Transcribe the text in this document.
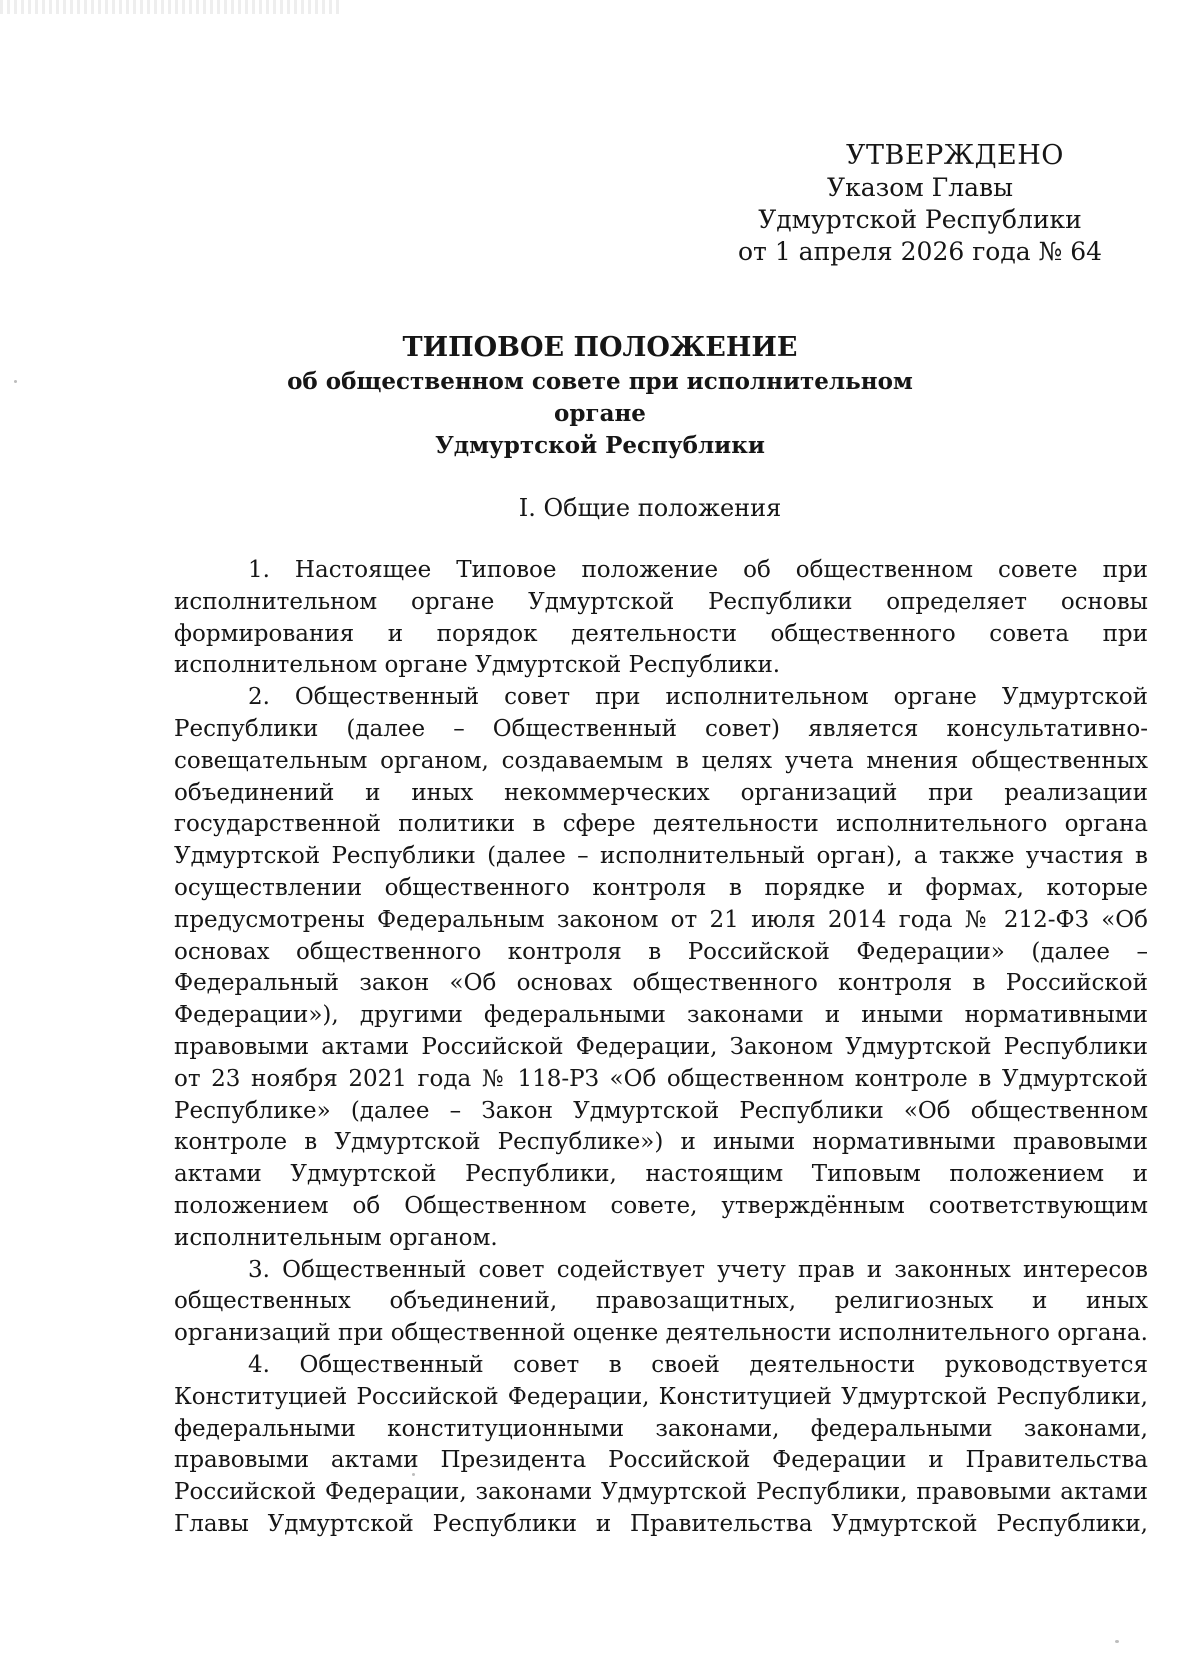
УТВЕРЖДЕНО
Указом Главы
Удмуртской Республики
от 1 апреля 2026 года № 64
ТИПОВОЕ ПОЛОЖЕНИЕ
об общественном совете при исполнительном органе
Удмуртской Республики
I. Общие положения

1. Настоящее Типовое положение об общественном совете при исполнительном органе Удмуртской Республики определяет основы формирования и порядок деятельности общественного совета при исполнительном органе Удмуртской Республики.

2. Общественный совет при исполнительном органе Удмуртской Республики (далее – Общественный совет) является консультативно-совещательным органом, создаваемым в целях учета мнения общественных объединений и иных некоммерческих организаций при реализации государственной политики в сфере деятельности исполнительного органа Удмуртской Республики (далее – исполнительный орган), а также участия в осуществлении общественного контроля в порядке и формах, которые предусмотрены Федеральным законом от 21 июля 2014 года № 212-ФЗ «Об основах общественного контроля в Российской Федерации» (далее – Федеральный закон «Об основах общественного контроля в Российской Федерации»), другими федеральными законами и иными нормативными правовыми актами Российской Федерации, Законом Удмуртской Республики от 23 ноября 2021 года № 118-РЗ «Об общественном контроле в Удмуртской Республике» (далее – Закон Удмуртской Республики «Об общественном контроле в Удмуртской Республике») и иными нормативными правовыми актами Удмуртской Республики, настоящим Типовым положением и положением об Общественном совете, утверждённым соответствующим исполнительным органом.

3. Общественный совет содействует учету прав и законных интересов общественных объединений, правозащитных, религиозных и иных организаций при общественной оценке деятельности исполнительного органа.

4. Общественный совет в своей деятельности руководствуется Конституцией Российской Федерации, Конституцией Удмуртской Республики, федеральными конституционными законами, федеральными законами, правовыми актами Президента Российской Федерации и Правительства Российской Федерации, законами Удмуртской Республики, правовыми актами Главы Удмуртской Республики и Правительства Удмуртской Республики,
